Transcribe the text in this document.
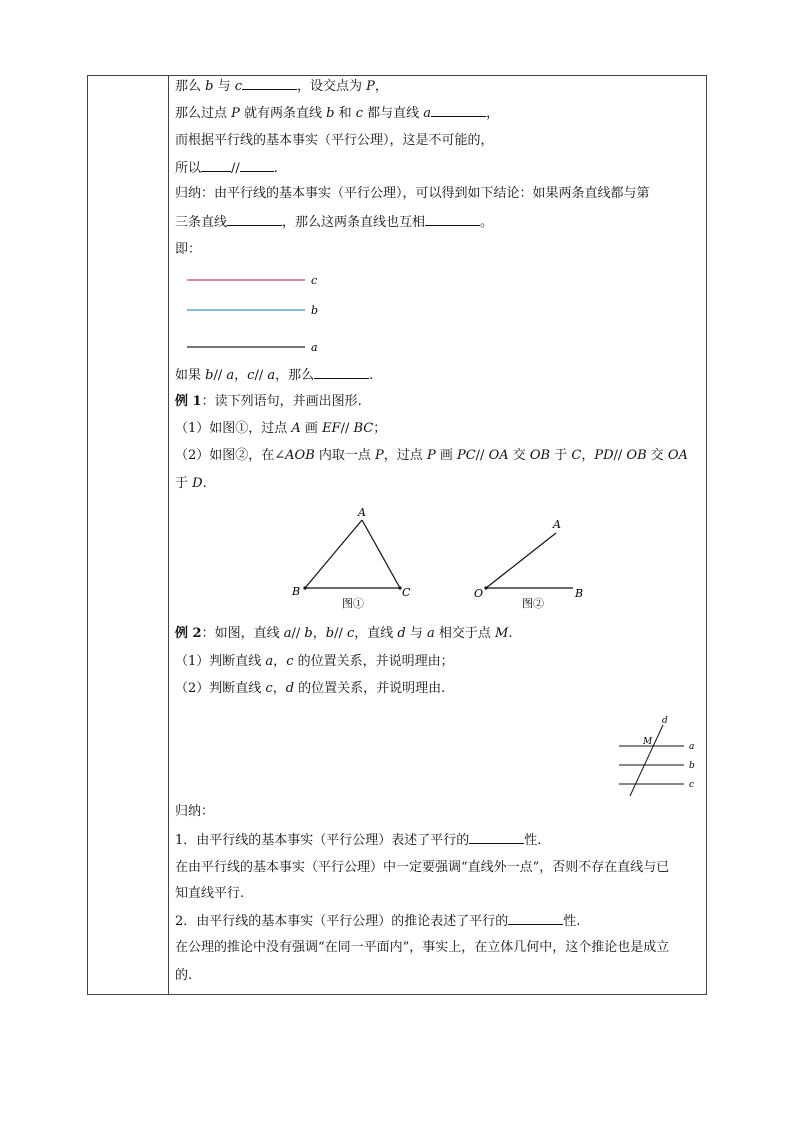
那么 b 与 c	，设交点为 P，
那么过点 P 就有两条直线 b 和 c 都与直线 a	，
而根据平行线的基本事实（平行公理），这是不可能的，
所以 //	.
归纳：由平行线的基本事实（平行公理），可以得到如下结论：如果两条直线都与第
三条直线	，那么这两条直线也互相	。
即：
c
b
a
如果 b// a，c// a，那么	.
例 1：读下列语句，并画出图形.
（1）如图①，过点 A 画 EF// BC；
（2）如图②，在∠AOB 内取一点 P，过点 P 画 PC// OA 交 OB 于 C，PD// OB 交 OA
于 D.
A
B	C
图①
A
O	B
图②
例 2：如图，直线 a// b，b// c，直线 d 与 a 相交于点 M.
（1）判断直线 a，c 的位置关系，并说明理由；
（2）判断直线 c，d 的位置关系，并说明理由.
d
M	a
b
c
归纳：
1．由平行线的基本事实（平行公理）表述了平行的	性.
在由平行线的基本事实（平行公理）中一定要强调“直线外一点”，否则不存在直线与已
知直线平行.
2．由平行线的基本事实（平行公理）的推论表述了平行的	性.
在公理的推论中没有强调“在同一平面内”，事实上，在立体几何中，这个推论也是成立
的.
